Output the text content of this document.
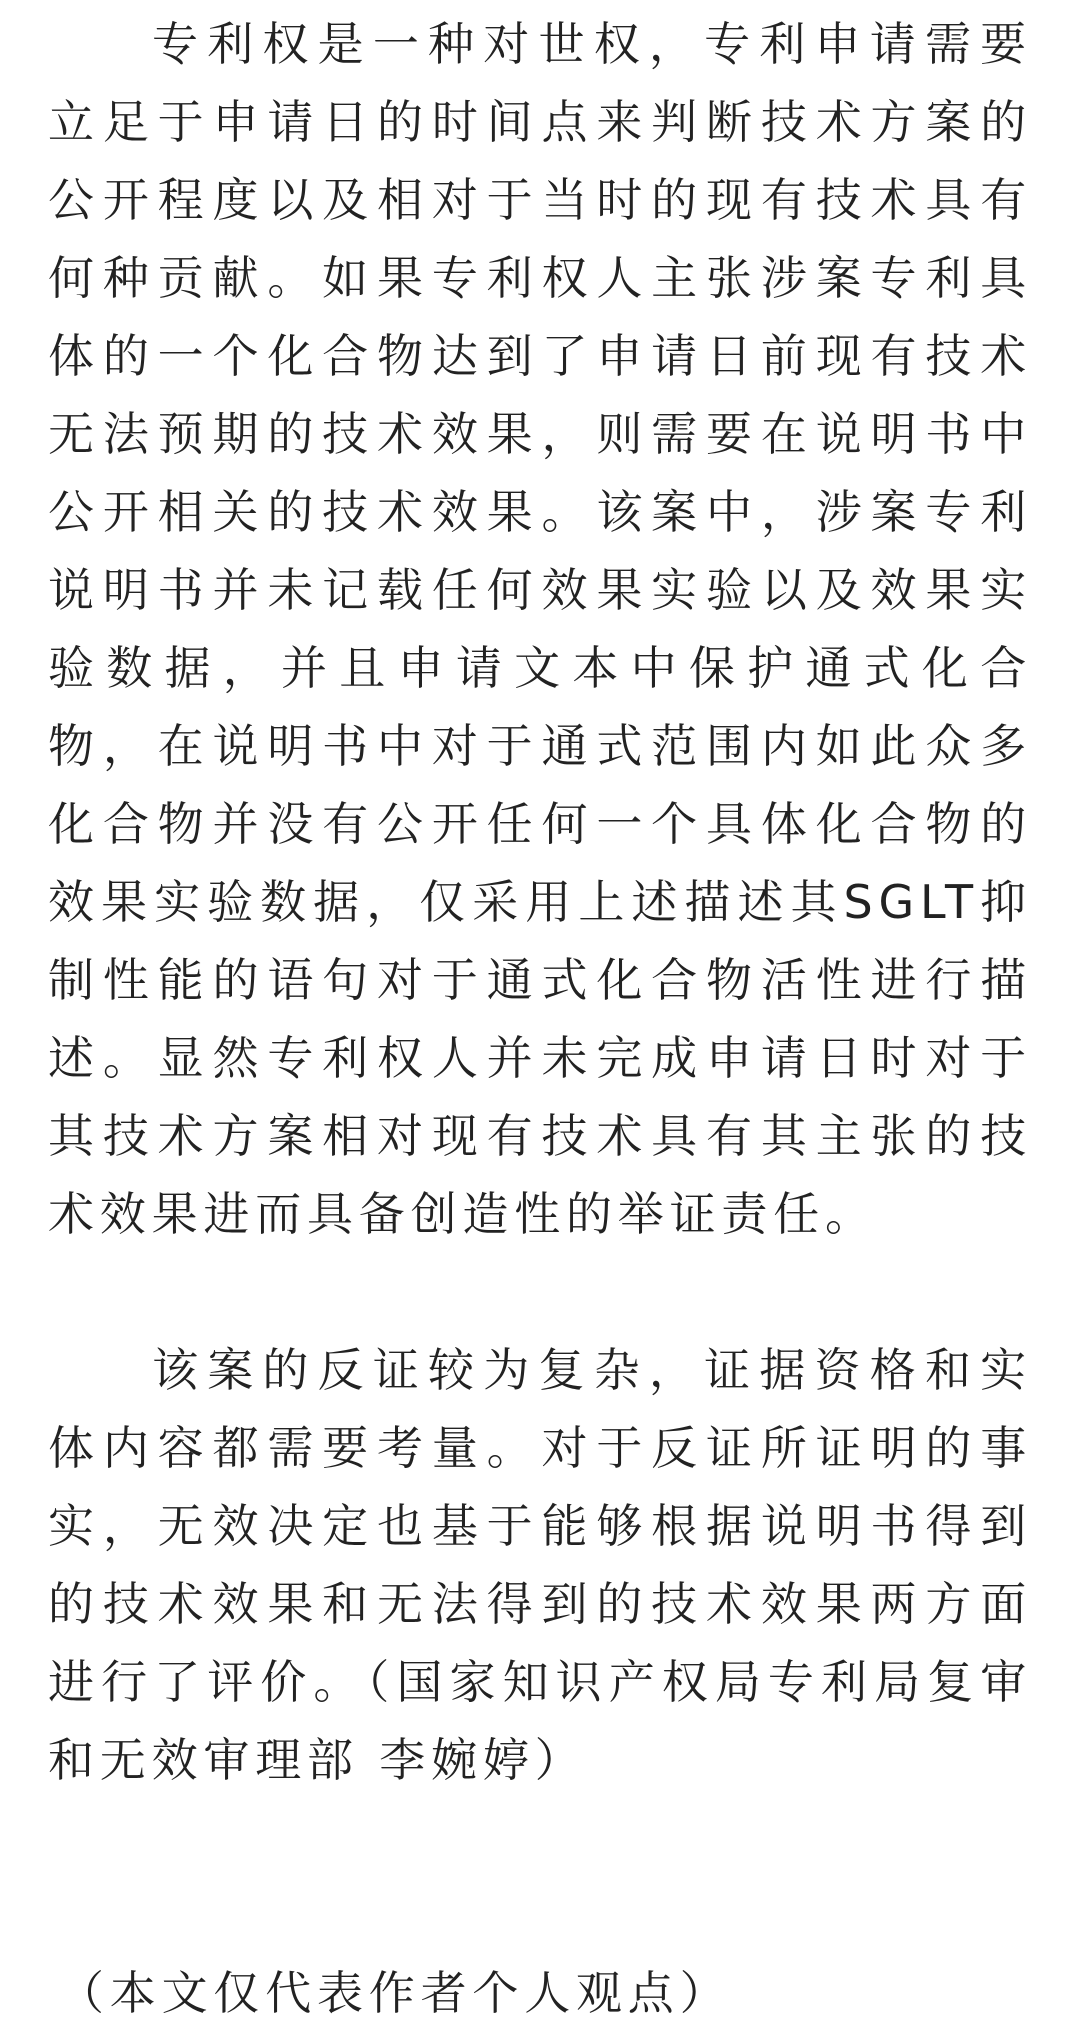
专利权是一种对世权，专利申请需要立足于申请日的时间点来判断技术方案的公开程度以及相对于当时的现有技术具有何种贡献。如果专利权人主张涉案专利具体的一个化合物达到了申请日前现有技术无法预期的技术效果，则需要在说明书中公开相关的技术效果。该案中，涉案专利说明书并未记载任何效果实验以及效果实验数据，并且申请文本中保护通式化合物，在说明书中对于通式范围内如此众多化合物并没有公开任何一个具体化合物的效果实验数据，仅采用上述描述其SGLT抑制性能的语句对于通式化合物活性进行描述。显然专利权人并未完成申请日时对于其技术方案相对现有技术具有其主张的技术效果进而具备创造性的举证责任。

该案的反证较为复杂，证据资格和实体内容都需要考量。对于反证所证明的事实，无效决定也基于能够根据说明书得到的技术效果和无法得到的技术效果两方面进行了评价。（国家知识产权局专利局复审和无效审理部 李婉婷）

（本文仅代表作者个人观点）
